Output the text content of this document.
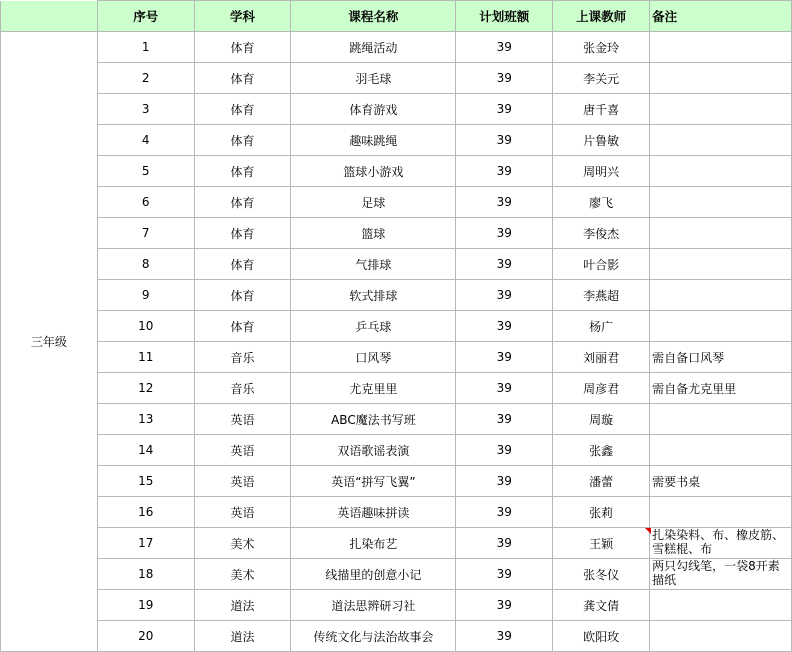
	序号	学科	课程名称	计划班额	上课教师	备注
三年级	1	体育	跳绳活动	39	张金玲	
	2	体育	羽毛球	39	李关元	
	3	体育	体育游戏	39	唐千喜	
	4	体育	趣味跳绳	39	片鲁敏	
	5	体育	篮球小游戏	39	周明兴	
	6	体育	足球	39	廖飞	
	7	体育	篮球	39	李俊杰	
	8	体育	气排球	39	叶合影	
	9	体育	软式排球	39	李燕超	
	10	体育	乒乓球	39	杨广	
	11	音乐	口风琴	39	刘丽君	需自备口风琴
	12	音乐	尤克里里	39	周彦君	需自备尤克里里
	13	英语	ABC魔法书写班	39	周璇	
	14	英语	双语歌谣表演	39	张鑫	
	15	英语	英语“拼写飞翼”	39	潘蕾	需要书桌
	16	英语	英语趣味拼读	39	张莉	
	17	美术	扎染布艺	39	王颖	扎染染料、布、橡皮筋、雪糕棍、布
	18	美术	线描里的创意小记	39	张冬仪	两只勾线笔，一袋8开素描纸
	19	道法	道法思辨研习社	39	龚文倩	
	20	道法	传统文化与法治故事会	39	欧阳玫	
